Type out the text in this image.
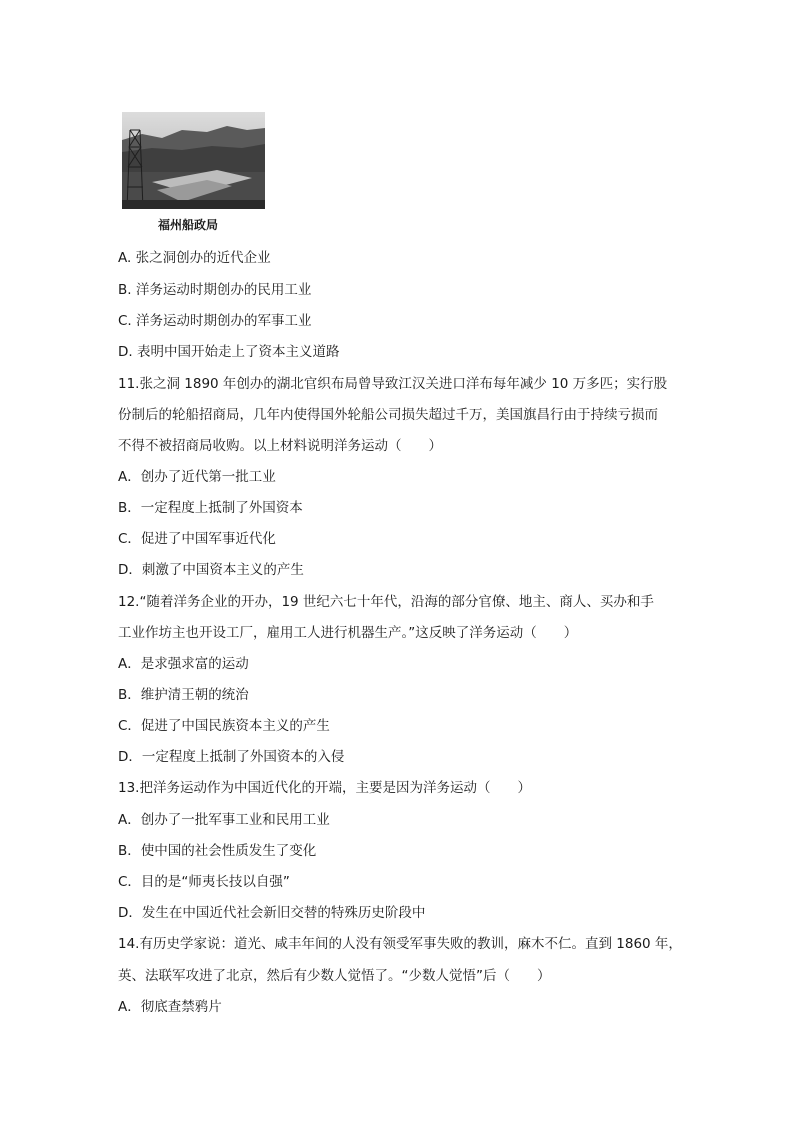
福州船政局
A. 张之洞创办的近代企业
B. 洋务运动时期创办的民用工业
C. 洋务运动时期创办的军事工业
D. 表明中国开始走上了资本主义道路
11.张之洞 1890 年创办的湖北官织布局曾导致江汉关进口洋布每年减少 10 万多匹；实行股
份制后的轮船招商局，几年内使得国外轮船公司损失超过千万，美国旗昌行由于持续亏损而
不得不被招商局收购。以上材料说明洋务运动（　　）
A．创办了近代第一批工业
B．一定程度上抵制了外国资本
C．促进了中国军事近代化
D．刺激了中国资本主义的产生
12.“随着洋务企业的开办，19 世纪六七十年代，沿海的部分官僚、地主、商人、买办和手
工业作坊主也开设工厂，雇用工人进行机器生产。”这反映了洋务运动（　　）
A．是求强求富的运动
B．维护清王朝的统治
C．促进了中国民族资本主义的产生
D．一定程度上抵制了外国资本的入侵
13.把洋务运动作为中国近代化的开端，主要是因为洋务运动（　　）
A．创办了一批军事工业和民用工业
B．使中国的社会性质发生了变化
C．目的是“师夷长技以自强”
D．发生在中国近代社会新旧交替的特殊历史阶段中
14.有历史学家说：道光、咸丰年间的人没有领受军事失败的教训，麻木不仁。直到 1860 年，
英、法联军攻进了北京，然后有少数人觉悟了。“少数人觉悟”后（　　）
A．彻底查禁鸦片
